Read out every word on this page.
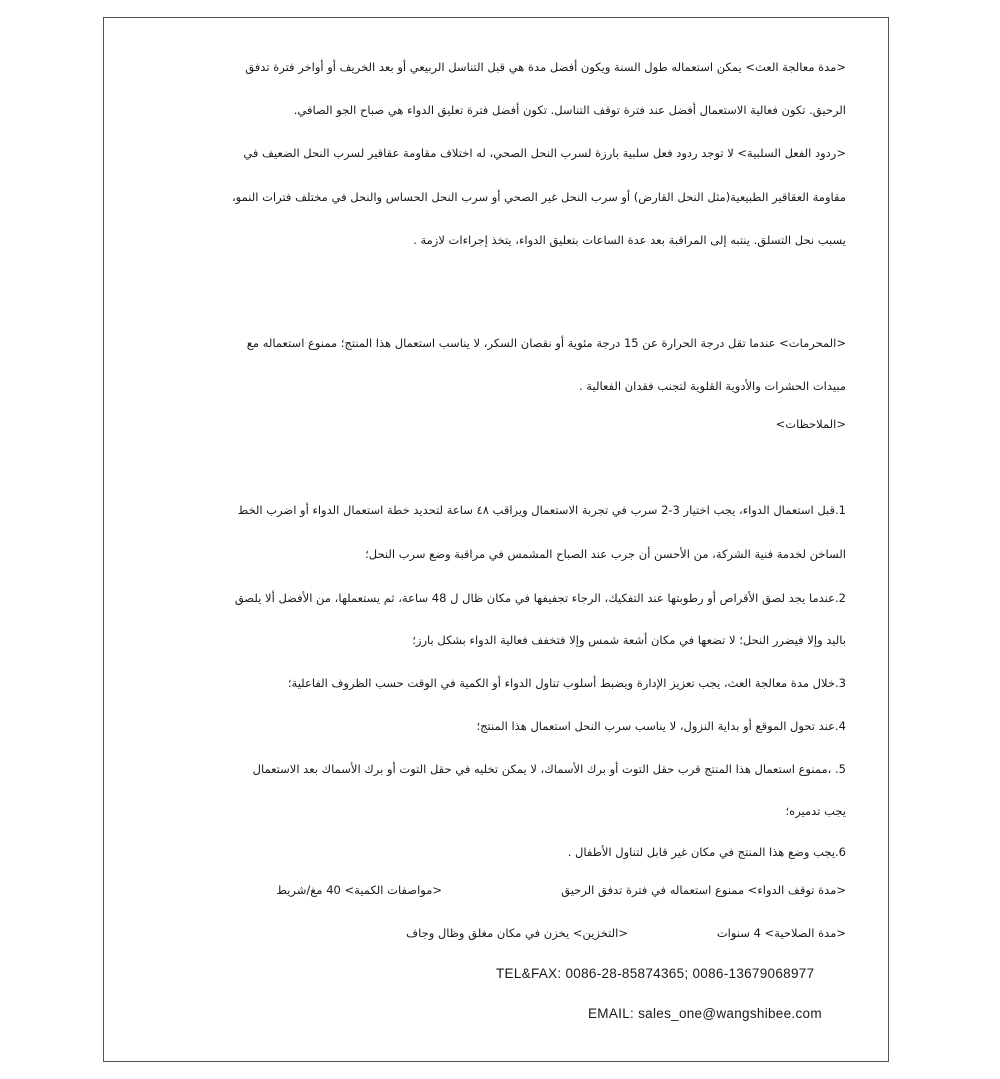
<مدة معالجة العث> يمكن استعماله طول السنة ويكون أفضل مدة هي قبل التناسل الربيعي أو بعد الخريف أو أواخر فترة تدفق
الرحيق. تكون فعالية الاستعمال أفضل عند فترة توقف التناسل. تكون أفضل فترة تعليق الدواء هي صباح الجو الصافي.
<ردود الفعل السلبية> لا توجد ردود فعل سلبية بارزة لسرب النحل الصحي، له اختلاف مقاومة عقاقير لسرب النحل الضعيف في
مقاومة العقاقير الطبيعية(مثل النحل القارض) أو سرب النحل غير الصحي أو سرب النحل الحساس والنحل في مختلف فترات النمو،
يسبب نحل التسلق. ينتبه إلى المراقبة بعد عدة الساعات بتعليق الدواء، يتخذ إجراءات لازمة .
<المحرمات> عندما تقل درجة الحرارة عن 15 درجة مئوية أو نقصان السكر، لا يناسب استعمال هذا المنتج؛ ممنوع استعماله مع
مبيدات الحشرات والأدوية القلوية لتجنب فقدان الفعالية .
<الملاحظات>
1.قبل استعمال الدواء، يجب اختيار 3-2 سرب في تجربة الاستعمال ويراقب ٤٨ ساعة لتحديد خطة استعمال الدواء أو اضرب الخط
الساخن لخدمة فنية الشركة، من الأحسن أن جرب عند الصباح المشمس في مراقبة وضع سرب النحل؛
2.عندما يجد لصق الأقراص أو رطوبتها عند التفكيك، الرجاء تجفيفها في مكان ظال ل 48 ساعة، ثم يستعملها، من الأفضل ألا يلصق
باليد وإلا فيضرر النحل؛ لا تضعها في مكان أشعة شمس وإلا فتخفف فعالية الدواء بشكل بارز؛
3.خلال مدة معالجة العث، يجب تعزيز الإدارة ويضبط أسلوب تناول الدواء أو الكمية في الوقت حسب الظروف الفاعلية؛
4.عند تحول الموقع أو بداية النزول، لا يناسب سرب النحل استعمال هذا المنتج؛
5. ،ممنوع استعمال هذا المنتج قرب حقل التوت أو برك الأسماك، لا يمكن تخليه في حقل التوت أو برك الأسماك بعد الاستعمال
يجب تدميره؛
6.يجب وضع هذا المنتج في مكان غير قابل لتناول الأطفال .
<مدة توقف الدواء> ممنوع استعماله في فترة تدفق الرحيق
<مواصفات الكمية> 40 مغ/شريط
<مدة الصلاحية> 4 سنوات
<التخزين> يخزن في مكان مغلق وظال وجاف
TEL&FAX: 0086-28-85874365; 0086-13679068977
EMAIL: sales_one@wangshibee.com
